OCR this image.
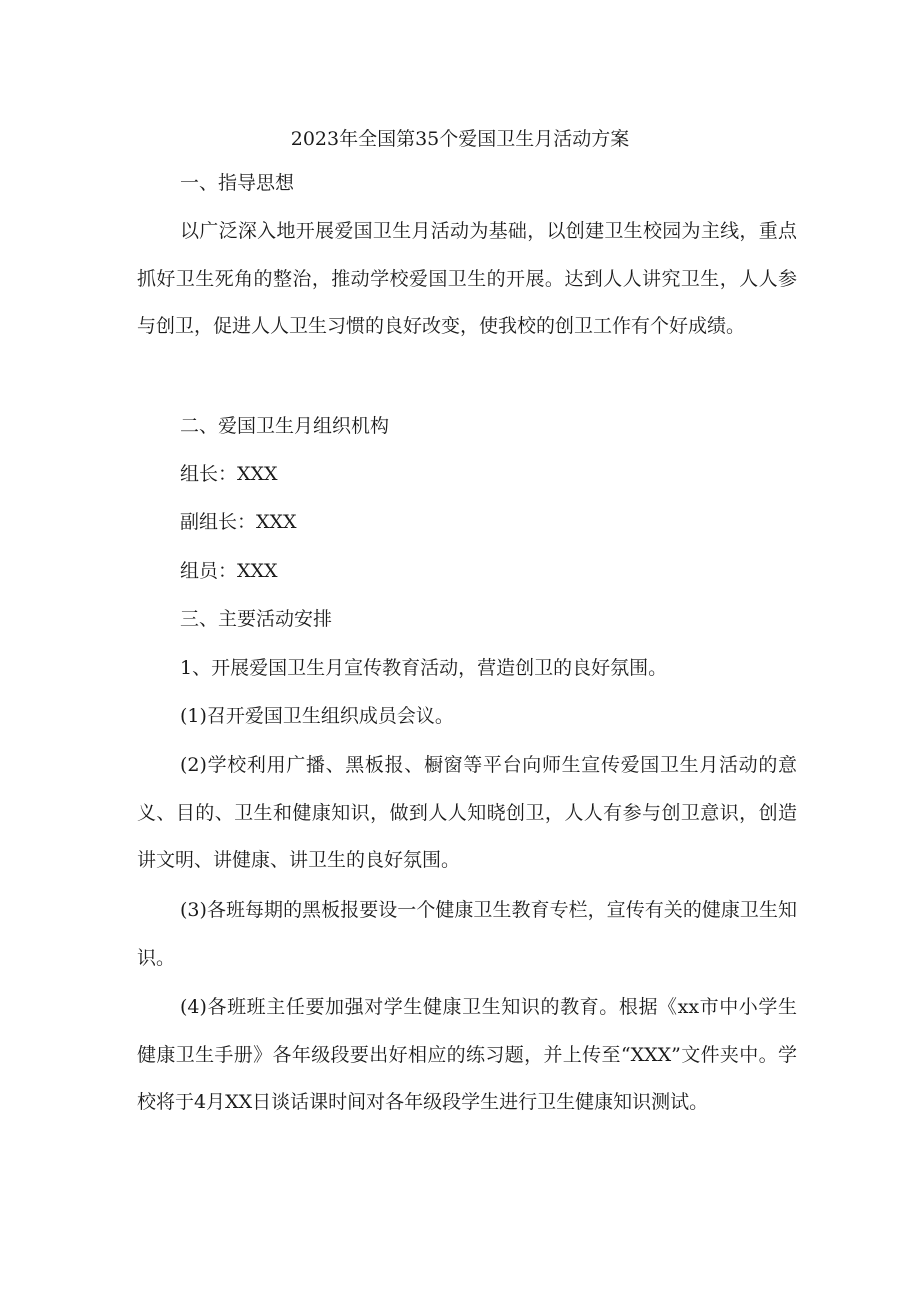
2023年全国第35个爱国卫生月活动方案
一、指导思想
以广泛深入地开展爱国卫生月活动为基础，以创建卫生校园为主线，重点抓好卫生死角的整治，推动学校爱国卫生的开展。达到人人讲究卫生，人人参与创卫，促进人人卫生习惯的良好改变，使我校的创卫工作有个好成绩。
二、爱国卫生月组织机构
组长：XXX
副组长：XXX
组员：XXX
三、主要活动安排
1、开展爱国卫生月宣传教育活动，营造创卫的良好氛围。
(1)召开爱国卫生组织成员会议。
(2)学校利用广播、黑板报、橱窗等平台向师生宣传爱国卫生月活动的意义、目的、卫生和健康知识，做到人人知晓创卫，人人有参与创卫意识，创造讲文明、讲健康、讲卫生的良好氛围。
(3)各班每期的黑板报要设一个健康卫生教育专栏，宣传有关的健康卫生知识。
(4)各班班主任要加强对学生健康卫生知识的教育。根据《xx市中小学生健康卫生手册》各年级段要出好相应的练习题，并上传至“XXX”文件夹中。学校将于4月XX日谈话课时间对各年级段学生进行卫生健康知识测试。
